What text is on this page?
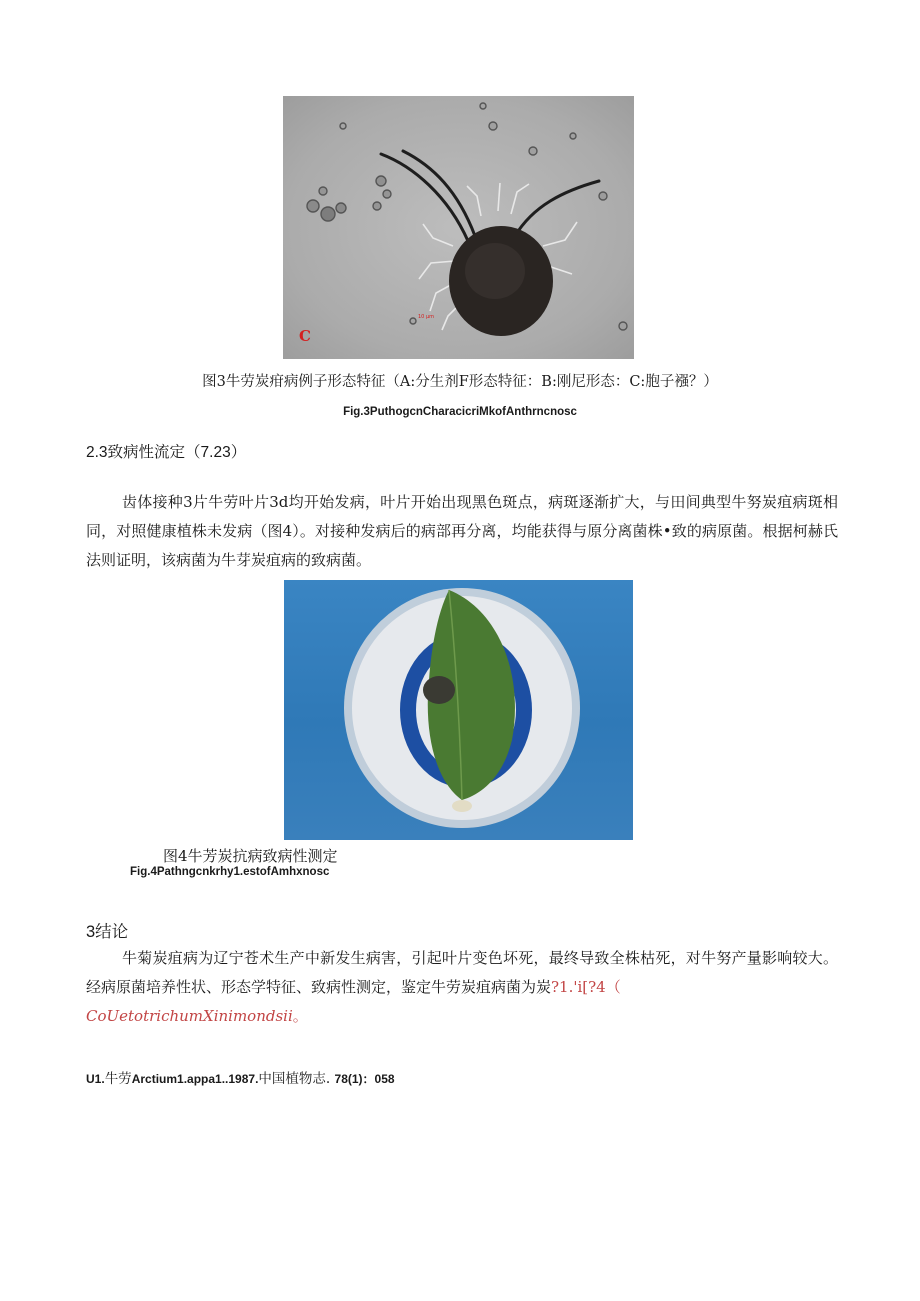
10 μm
C
图3牛劳炭疳病例子形态特征（A:分生剂F形态特征：B:刚尼形态：C:胞子襁？）
Fig.3PuthogcnCharacicriMkofAnthrncnosc
2.3致病性流定（7.23）
齿体接种3片牛劳叶片3d均开始发病，叶片开始出现黑色斑点，病斑逐渐扩大，与田间典型牛努炭疽病斑相同，对照健康植株未发病（图4）。对接种发病后的病部再分离，均能获得与原分离菌株•致的病原菌。根据柯赫氏法则证明，该病菌为牛芽炭疽病的致病菌。
图4牛芳炭抗病致病性测定
Fig.4Pathngcnkrhy1.estofAmhxnosc
3结论
牛菊炭疽病为辽宁苍术生产中新发生病害，引起叶片变色坏死，最终导致全株枯死，对牛努产量影响较大。经病原菌培养性状、形态学特征、致病性测定，鉴定牛劳炭疽病菌为炭?1.'i[?4（
CoUetotrichumXinimondsii。
U1.牛劳Arctium1.appa1..1987.中国植物志. 78(1)：058
